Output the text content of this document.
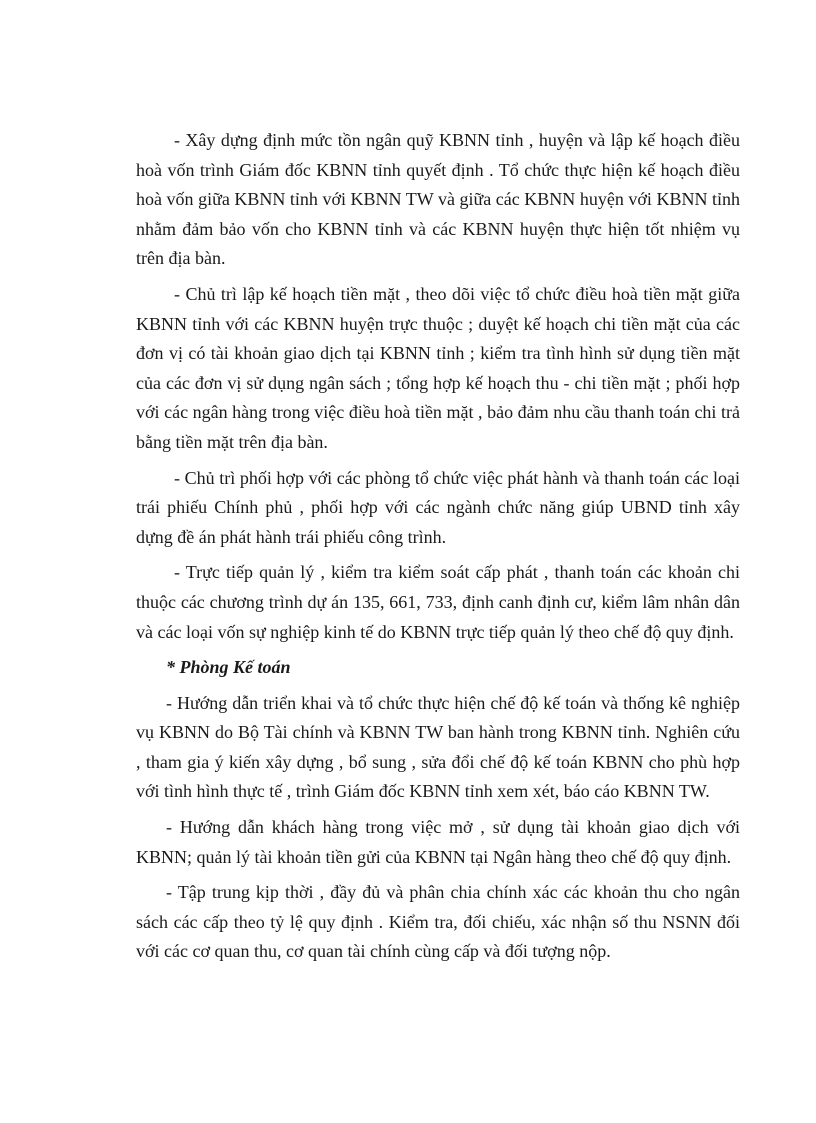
- Xây dựng định mức tồn ngân quỹ KBNN tỉnh , huyện và lập kế hoạch điều hoà vốn trình Giám đốc KBNN tỉnh quyết định . Tổ chức thực hiện kế hoạch điều hoà vốn giữa KBNN tỉnh với KBNN TW và giữa các KBNN huyện với KBNN tỉnh nhằm đảm bảo vốn cho KBNN tỉnh và các KBNN huyện thực hiện tốt nhiệm vụ trên địa bàn.

- Chủ trì lập kế hoạch tiền mặt , theo dõi việc tổ chức điều hoà tiền mặt giữa KBNN tỉnh với các KBNN huyện trực thuộc ; duyệt kế hoạch chi tiền mặt của các đơn vị có tài khoản giao dịch tại KBNN tỉnh ; kiểm tra tình hình sử dụng tiền mặt của các đơn vị sử dụng ngân sách ; tổng hợp kế hoạch thu - chi tiền mặt ; phối hợp với các ngân hàng trong việc điều hoà tiền mặt , bảo đảm nhu cầu thanh toán chi trả bằng tiền mặt trên địa bàn.

- Chủ trì phối hợp với các phòng tổ chức việc phát hành và thanh toán các loại trái phiếu Chính phủ , phối hợp với các ngành chức năng giúp UBND tỉnh xây dựng đề án phát hành trái phiếu công trình.

- Trực tiếp quản lý , kiểm tra kiểm soát cấp phát , thanh toán các khoản chi thuộc các chương trình dự án 135, 661, 733, định canh định cư, kiểm lâm nhân dân và các loại vốn sự nghiệp kinh tế do KBNN trực tiếp quản lý theo chế độ quy định.

* Phòng Kế toán

- Hướng dẫn triển khai và tổ chức thực hiện chế độ kế toán và thống kê nghiệp vụ KBNN do Bộ Tài chính và KBNN TW ban hành trong KBNN tỉnh. Nghiên cứu , tham gia ý kiến xây dựng , bổ sung , sửa đổi chế độ kế toán KBNN cho phù hợp với tình hình thực tế , trình Giám đốc KBNN tỉnh xem xét, báo cáo KBNN TW.

- Hướng dẫn khách hàng trong việc mở , sử dụng tài khoản giao dịch với KBNN; quản lý tài khoản tiền gửi của KBNN tại Ngân hàng theo chế độ quy định.

- Tập trung kịp thời , đầy đủ và phân chia chính xác các khoản thu cho ngân sách các cấp theo tỷ lệ quy định . Kiểm tra, đối chiếu, xác nhận số thu NSNN đối với các cơ quan thu, cơ quan tài chính cùng cấp và đối tượng nộp.
